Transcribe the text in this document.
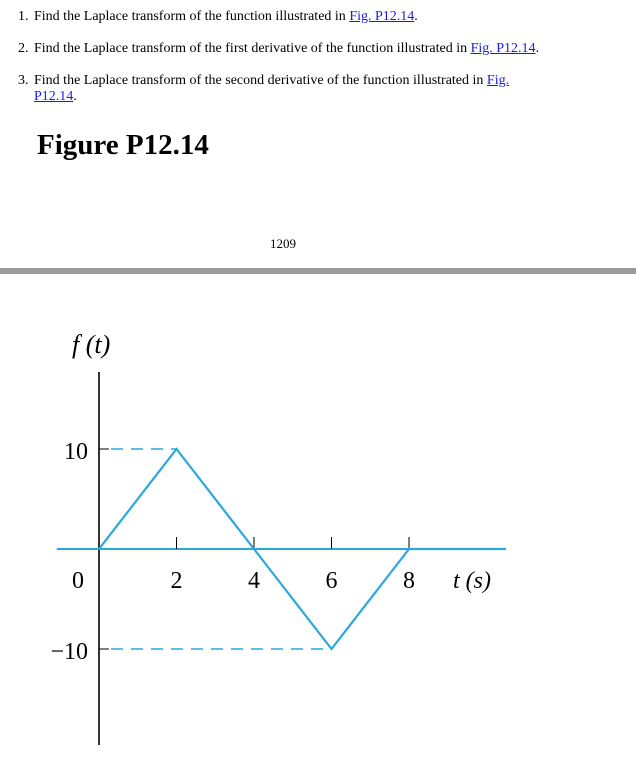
1. Find the Laplace transform of the function illustrated in Fig. P12.14.
2. Find the Laplace transform of the first derivative of the function illustrated in Fig. P12.14.
3. Find the Laplace transform of the second derivative of the function illustrated in Fig.
P12.14.
Figure P12.14
1209
0	2	4	6	8
10
−10
f (t)
t (s)
